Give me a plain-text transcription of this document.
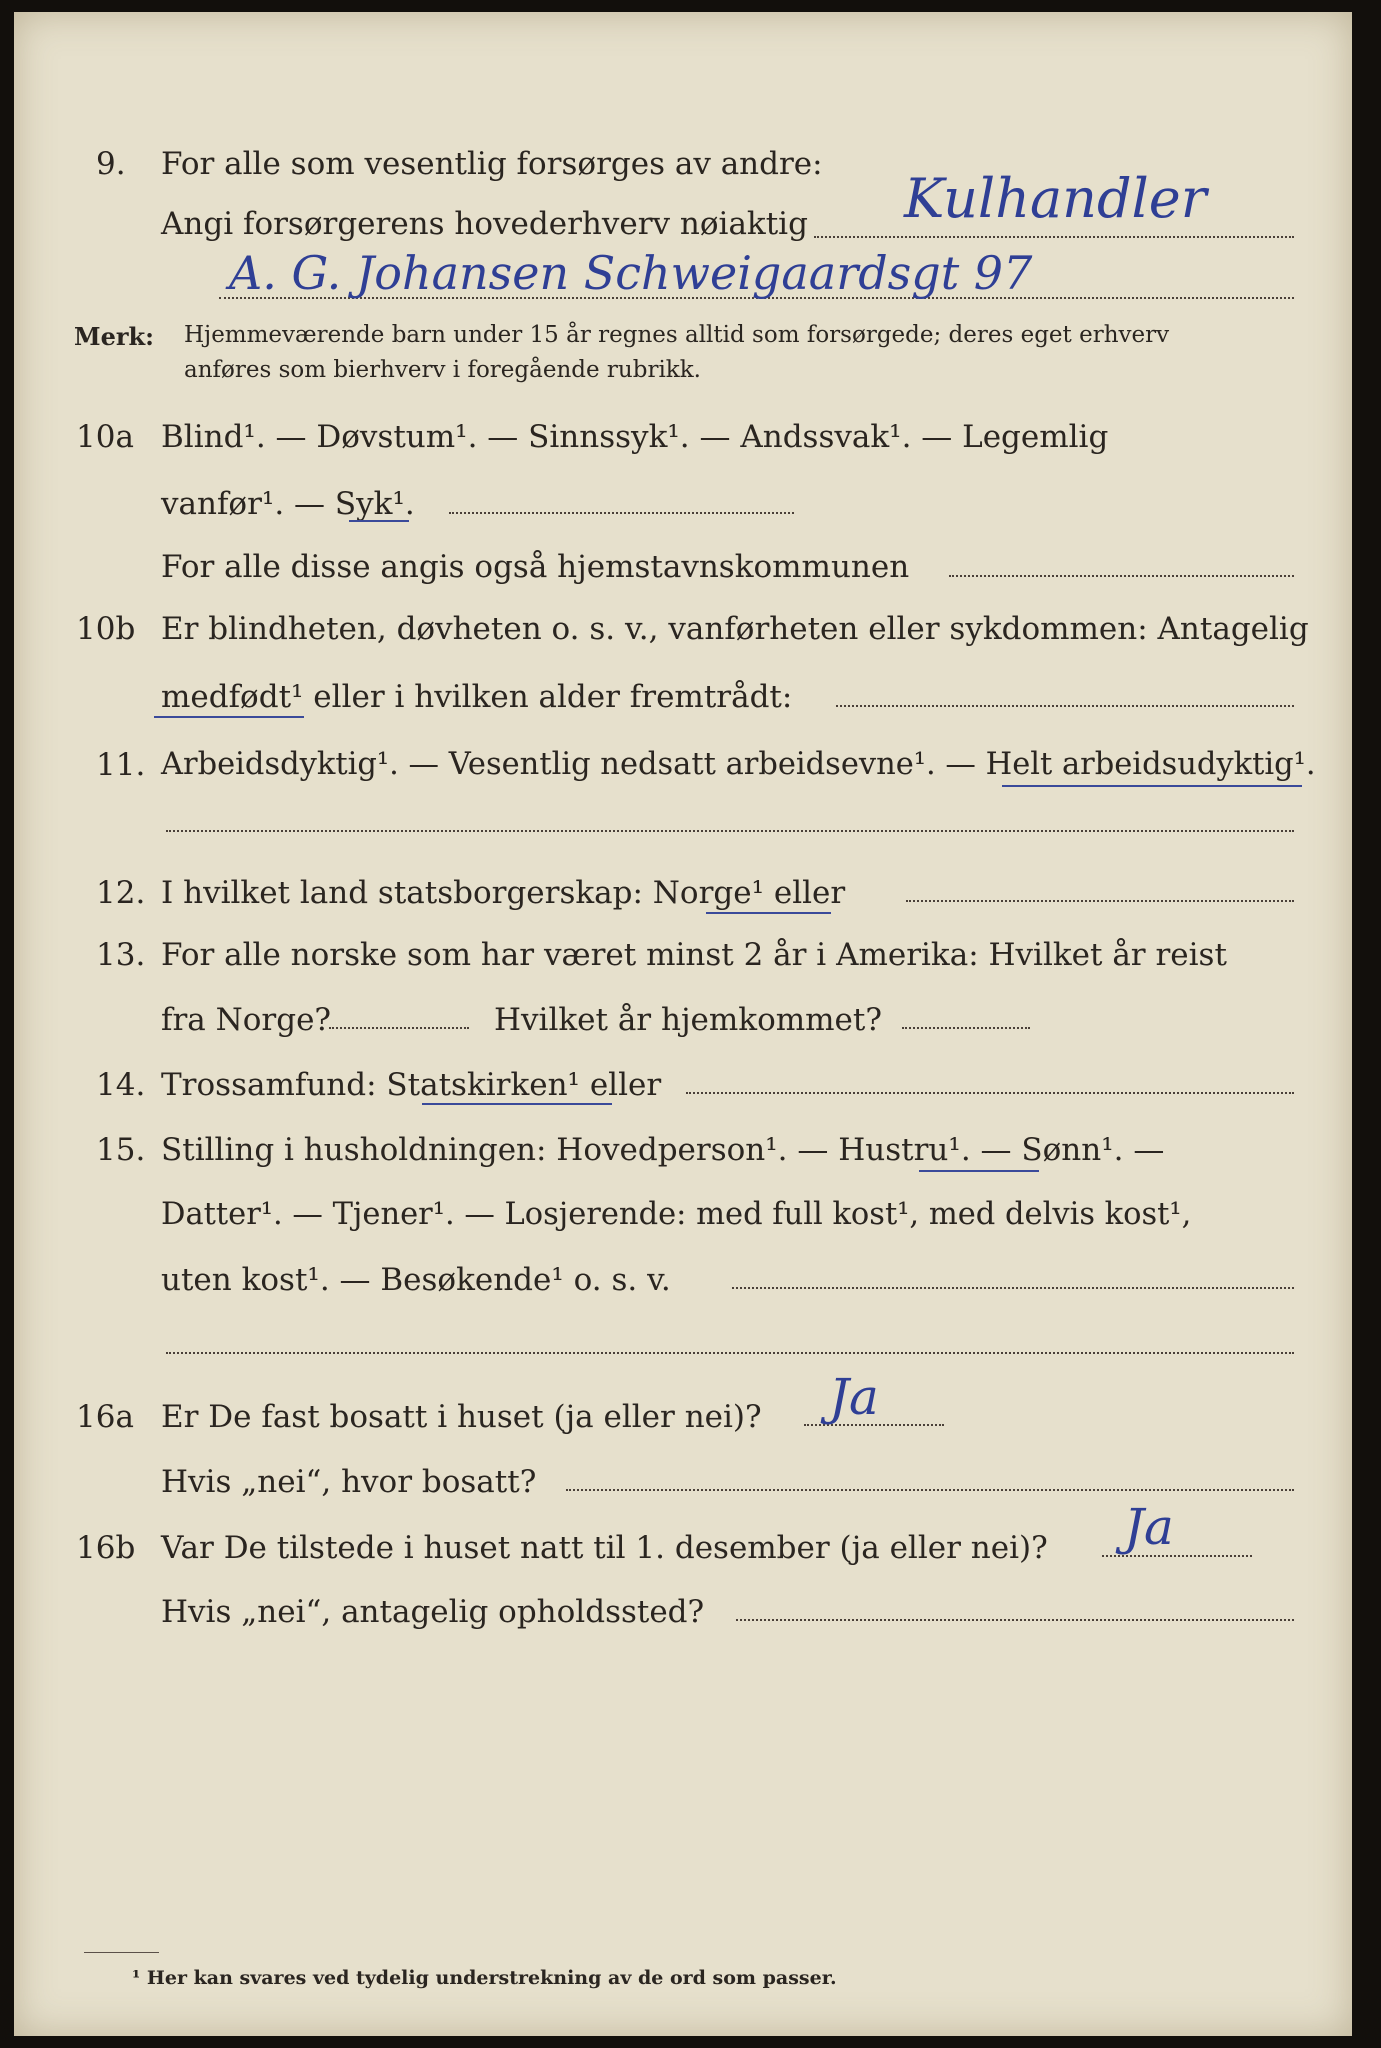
9. For alle som vesentlig forsørges av andre:
Angi forsørgerens hovederhverv nøiaktig Kulhandler
A. G. Johansen Schweigaardsgt 97
Merk: Hjemmeværende barn under 15 år regnes alltid som forsørgede; deres eget erhverv
anføres som bierhverv i foregående rubrikk.
10a Blind¹. — Døvstum¹. — Sinnssyk¹. — Andssvak¹. — Legemlig
vanfør¹. — Syk¹.
For alle disse angis også hjemstavnskommunen
10b Er blindheten, døvheten o. s. v., vanførheten eller sykdommen: Antagelig
medfødt¹ eller i hvilken alder fremtrådt:
11. Arbeidsdyktig¹. — Vesentlig nedsatt arbeidsevne¹. — Helt arbeidsudyktig¹.
12. I hvilket land statsborgerskap: Norge¹ eller
13. For alle norske som har været minst 2 år i Amerika: Hvilket år reist
fra Norge?	Hvilket år hjemkommet?
14. Trossamfund: Statskirken¹ eller
15. Stilling i husholdningen: Hovedperson¹. — Hustru¹. — Sønn¹. —
Datter¹. — Tjener¹. — Losjerende: med full kost¹, med delvis kost¹,
uten kost¹. — Besøkende¹ o. s. v.
16a Er De fast bosatt i huset (ja eller nei)? Ja
Hvis „nei“, hvor bosatt?
16b Var De tilstede i huset natt til 1. desember (ja eller nei)? Ja
Hvis „nei“, antagelig opholdssted?
¹ Her kan svares ved tydelig understrekning av de ord som passer.
